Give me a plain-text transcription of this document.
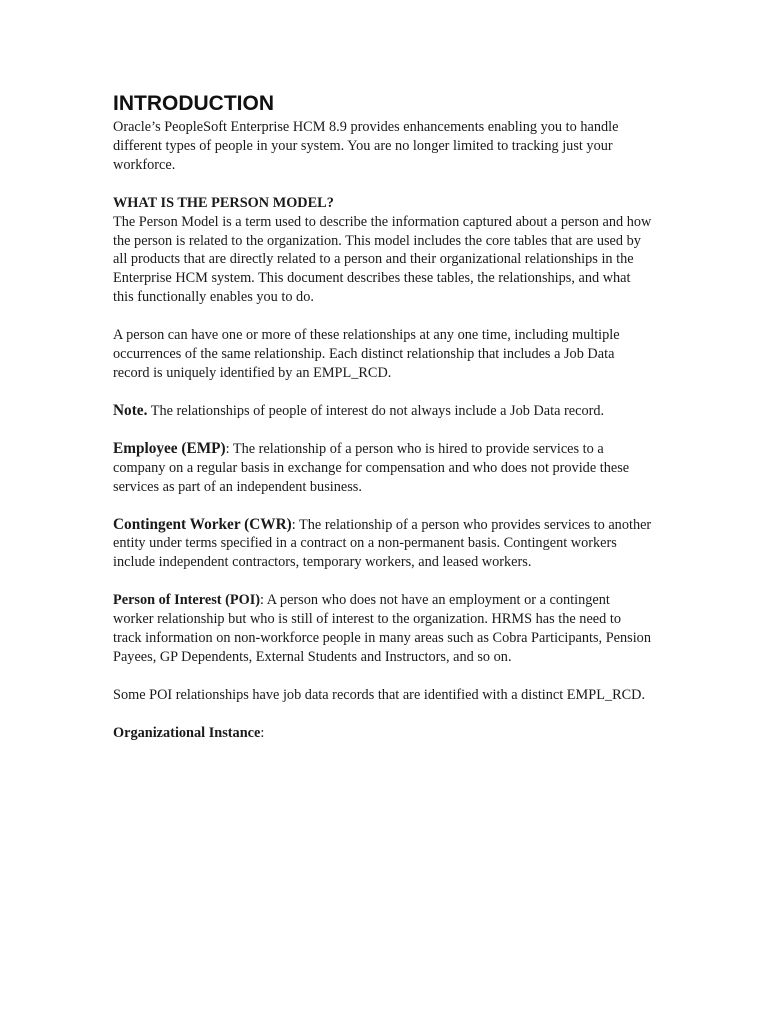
INTRODUCTION

Oracle’s PeopleSoft Enterprise HCM 8.9 provides enhancements enabling you to handle different types of people in your system. You are no longer limited to tracking just your workforce.

WHAT IS THE PERSON MODEL?

The Person Model is a term used to describe the information captured about a person and how the person is related to the organization. This model includes the core tables that are used by all products that are directly related to a person and their organizational relationships in the Enterprise HCM system. This document describes these tables, the relationships, and what this functionally enables you to do.

A person can have one or more of these relationships at any one time, including multiple occurrences of the same relationship. Each distinct relationship that includes a Job Data record is uniquely identified by an EMPL_RCD.

Note. The relationships of people of interest do not always include a Job Data record.

Employee (EMP): The relationship of a person who is hired to provide services to a company on a regular basis in exchange for compensation and who does not provide these services as part of an independent business.

Contingent Worker (CWR): The relationship of a person who provides services to another entity under terms specified in a contract on a non-permanent basis. Contingent workers include independent contractors, temporary workers, and leased workers.

Person of Interest (POI): A person who does not have an employment or a contingent worker relationship but who is still of interest to the organization. HRMS has the need to track information on non-workforce people in many areas such as Cobra Participants, Pension Payees, GP Dependents, External Students and Instructors, and so on.

Some POI relationships have job data records that are identified with a distinct EMPL_RCD.

Organizational Instance:
